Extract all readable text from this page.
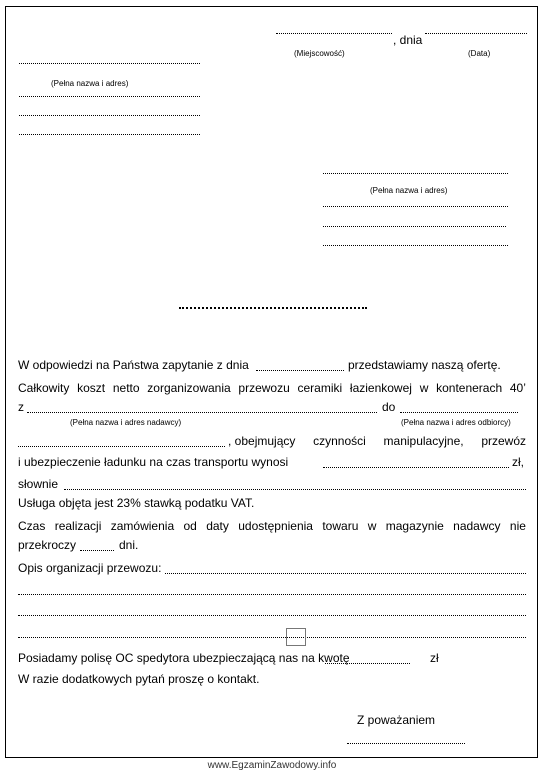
, dnia
(Miejscowość)	(Data)
(Pełna nazwa i adres)
(Pełna nazwa i adres)
W odpowiedzi na Państwa zapytanie z dnia	przedstawiamy naszą ofertę.
Całkowity koszt netto zorganizowania przewozu ceramiki łazienkowej w kontenerach 40’
z	do
(Pełna nazwa i adres nadawcy)	(Pełna nazwa i adres odbiorcy)
, obejmujący czynności manipulacyjne, przewóz
i ubezpieczenie ładunku na czas transportu wynosi	zł,
słownie
Usługa objęta jest 23% stawką podatku VAT.
Czas realizacji zamówienia od daty udostępnienia towaru w magazynie nadawcy nie
przekroczy	dni.
Opis organizacji przewozu:
Posiadamy polisę OC spedytora ubezpieczającą nas na kwotę	zł
W razie dodatkowych pytań proszę o kontakt.
Z poważaniem
www.EgzaminZawodowy.info
